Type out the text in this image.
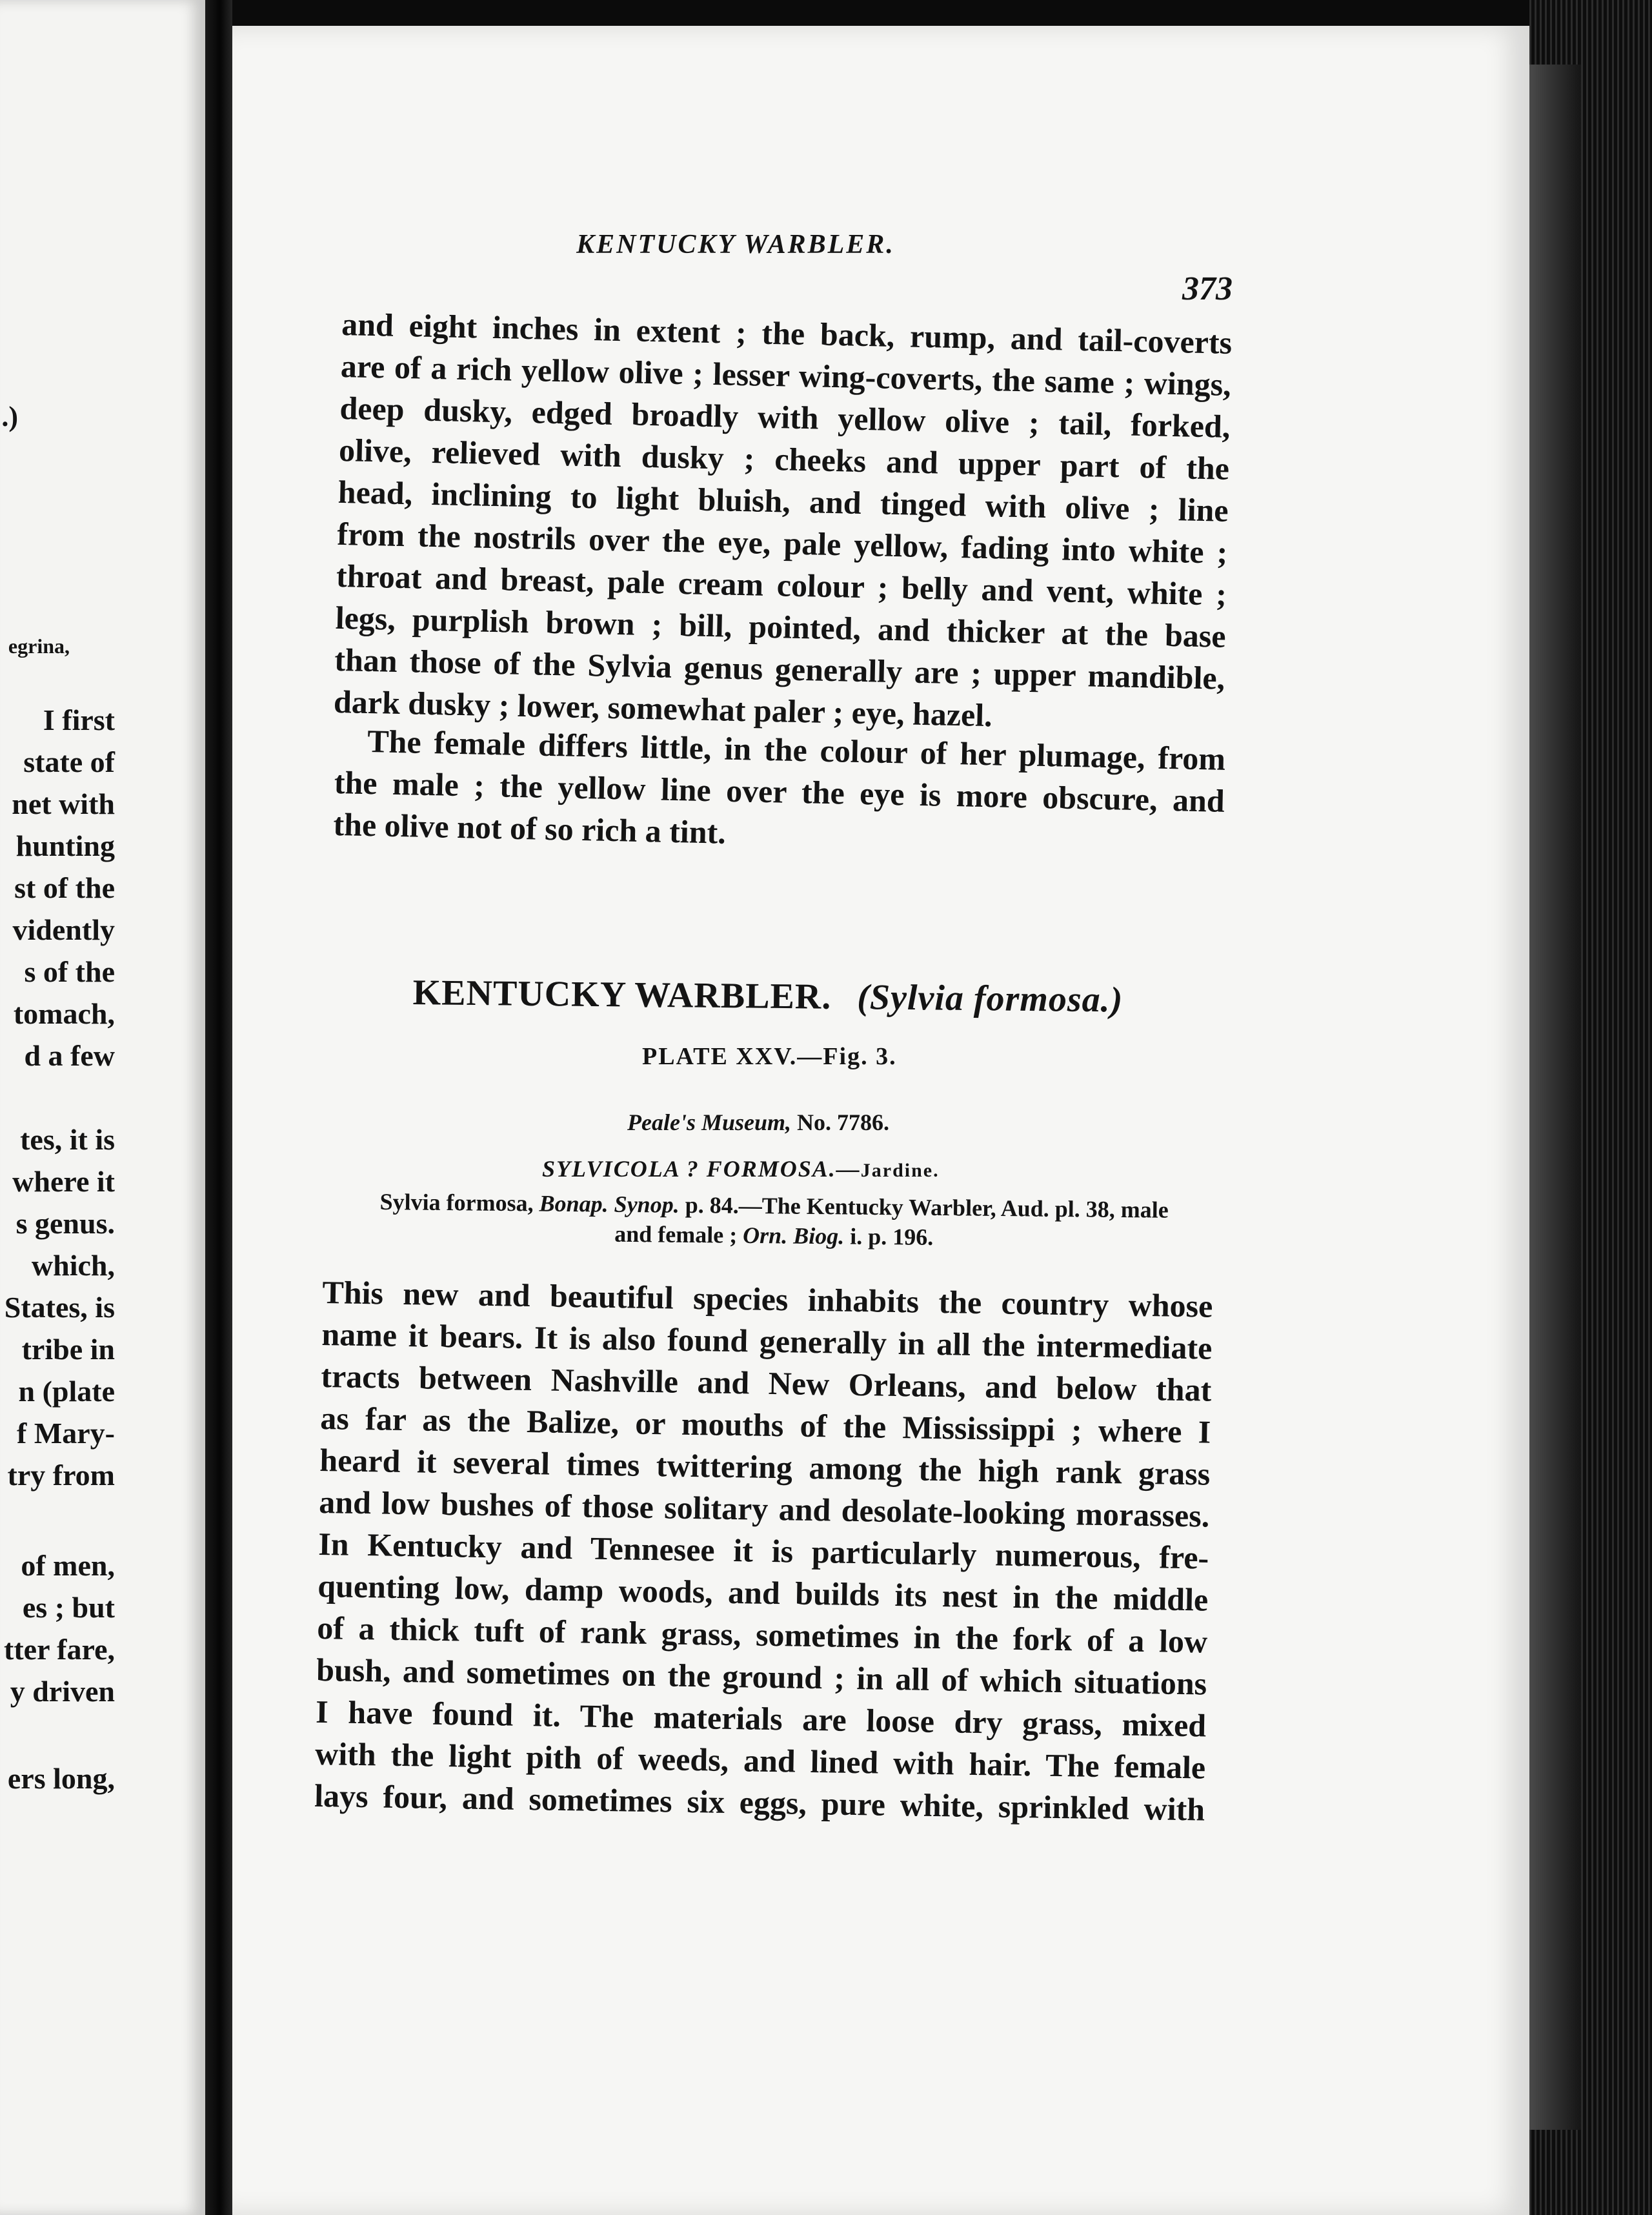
.)
egrina,
I first
state of
net with
hunting
st of the
vidently
s of the
tomach,
d a few
tes, it is
where it
s genus.
which,
States, is
tribe in
n (plate
f Mary-
try from
of men,
es ; but
tter fare,
y driven
ers long,
KENTUCKY WARBLER.
373
and eight inches in extent ; the back, rump, and tail-coverts
are of a rich yellow olive ; lesser wing-coverts, the same ; wings,
deep dusky, edged broadly with yellow olive ; tail, forked,
olive, relieved with dusky ; cheeks and upper part of the
head, inclining to light bluish, and tinged with olive ; line
from the nostrils over the eye, pale yellow, fading into white ;
throat and breast, pale cream colour ; belly and vent, white ;
legs, purplish brown ; bill, pointed, and thicker at the base
than those of the Sylvia genus generally are ; upper mandible,
dark dusky ; lower, somewhat paler ; eye, hazel.
The female differs little, in the colour of her plumage, from
the male ; the yellow line over the eye is more obscure, and
the olive not of so rich a tint.
KENTUCKY WARBLER. (Sylvia formosa.)
PLATE XXV.—Fig. 3.
Peale's Museum, No. 7786.
SYLVICOLA ? FORMOSA.—Jardine.
Sylvia formosa, Bonap. Synop. p. 84.—The Kentucky Warbler, Aud. pl. 38, male
and female ; Orn. Biog. i. p. 196.
This new and beautiful species inhabits the country whose
name it bears. It is also found generally in all the intermediate
tracts between Nashville and New Orleans, and below that
as far as the Balize, or mouths of the Mississippi ; where I
heard it several times twittering among the high rank grass
and low bushes of those solitary and desolate-looking morasses.
In Kentucky and Tennesee it is particularly numerous, fre-
quenting low, damp woods, and builds its nest in the middle
of a thick tuft of rank grass, sometimes in the fork of a low
bush, and sometimes on the ground ; in all of which situations
I have found it. The materials are loose dry grass, mixed
with the light pith of weeds, and lined with hair. The female
lays four, and sometimes six eggs, pure white, sprinkled with
